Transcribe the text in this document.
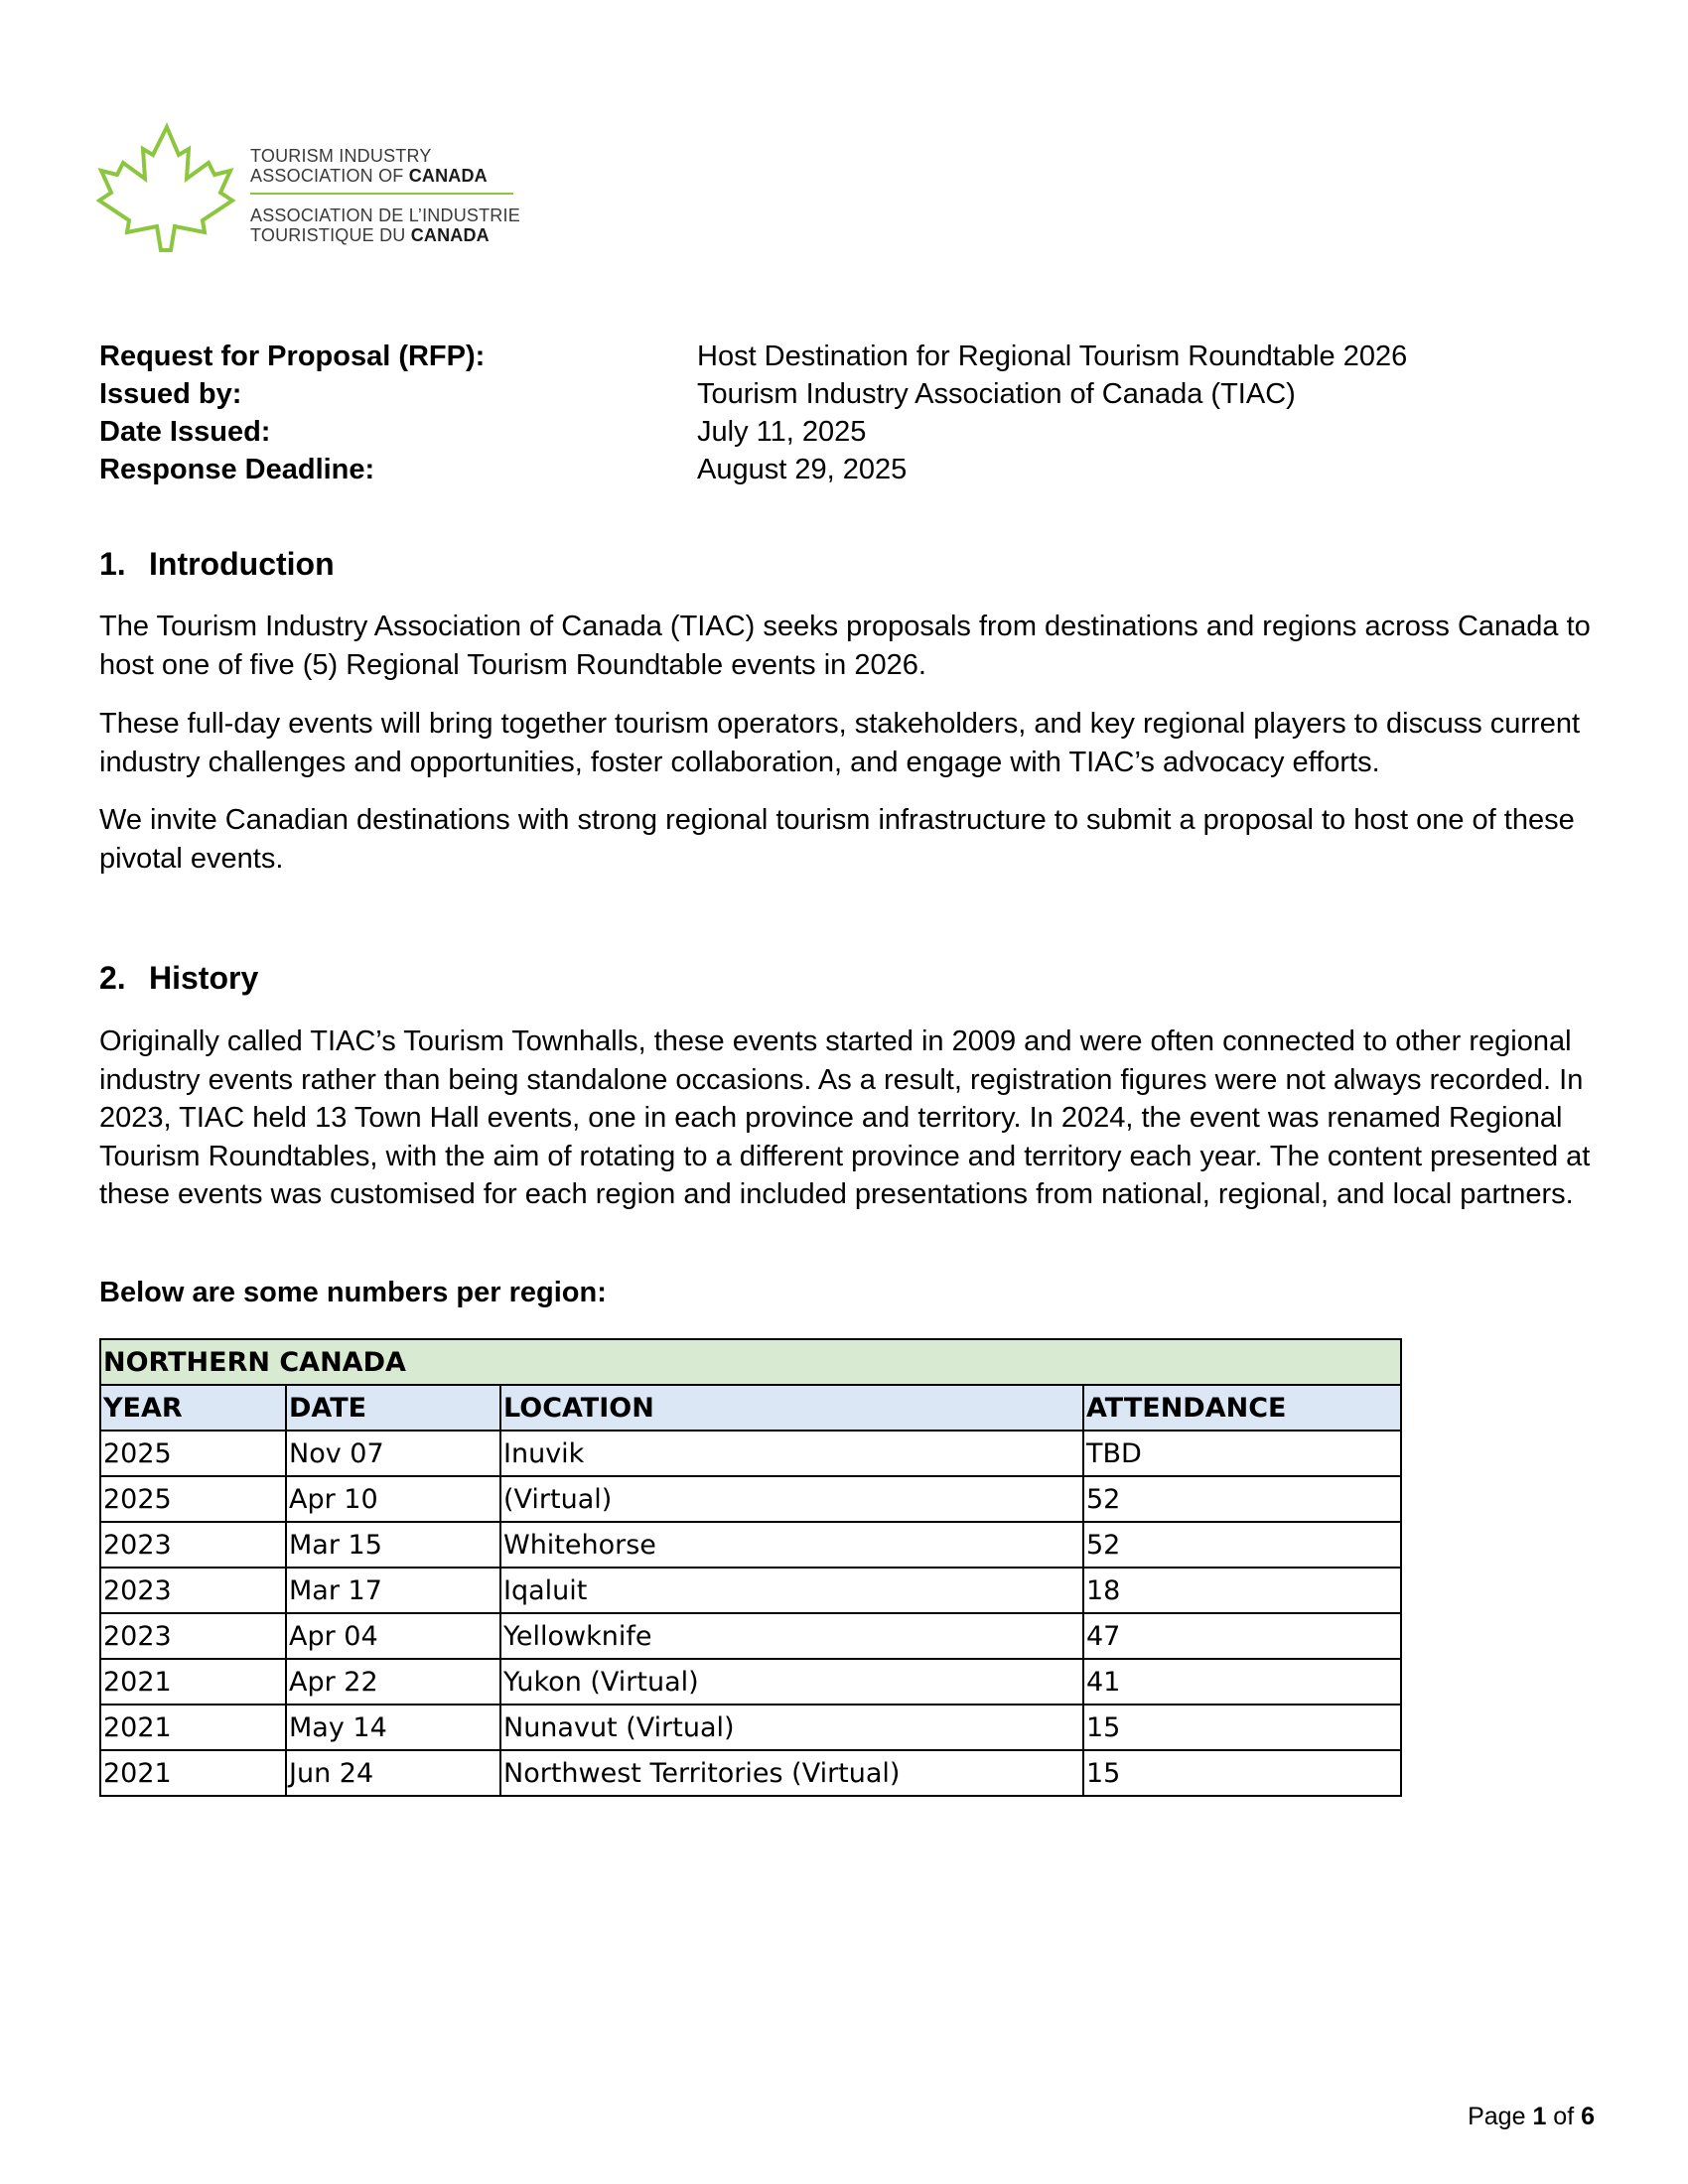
TOURISM INDUSTRY
ASSOCIATION OF CANADA
ASSOCIATION DE L’INDUSTRIE
TOURISTIQUE DU CANADA
Request for Proposal (RFP):	Host Destination for Regional Tourism Roundtable 2026
Issued by:	Tourism Industry Association of Canada (TIAC)
Date Issued:	July 11, 2025
Response Deadline:	August 29, 2025
1. Introduction

The Tourism Industry Association of Canada (TIAC) seeks proposals from destinations and regions across Canada to host one of five (5) Regional Tourism Roundtable events in 2026.

These full-day events will bring together tourism operators, stakeholders, and key regional players to discuss current industry challenges and opportunities, foster collaboration, and engage with TIAC’s advocacy efforts.

We invite Canadian destinations with strong regional tourism infrastructure to submit a proposal to host one of these pivotal events.

2. History

Originally called TIAC’s Tourism Townhalls, these events started in 2009 and were often connected to other regional industry events rather than being standalone occasions. As a result, registration figures were not always recorded. In 2023, TIAC held 13 Town Hall events, one in each province and territory. In 2024, the event was renamed Regional Tourism Roundtables, with the aim of rotating to a different province and territory each year. The content presented at these events was customised for each region and included presentations from national, regional, and local partners.

Below are some numbers per region:

NORTHERN CANADA			
YEAR	DATE	LOCATION	ATTENDANCE
2025	Nov 07	Inuvik	TBD
2025	Apr 10	(Virtual)	52
2023	Mar 15	Whitehorse	52
2023	Mar 17	Iqaluit	18
2023	Apr 04	Yellowknife	47
2021	Apr 22	Yukon (Virtual)	41
2021	May 14	Nunavut (Virtual)	15
2021	Jun 24	Northwest Territories (Virtual)	15
Page 1 of 6
